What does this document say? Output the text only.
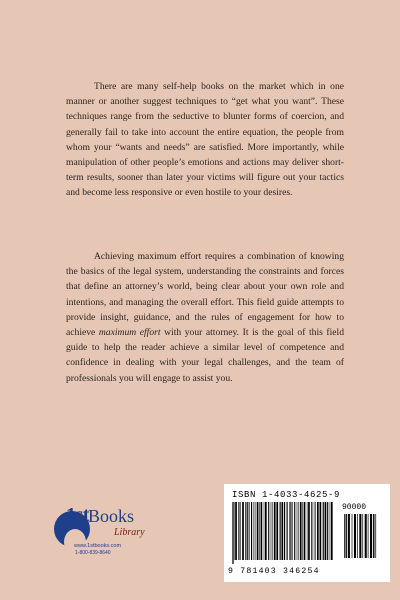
There are many self-help books on the market which in one manner or another suggest techniques to “get what you want”. These techniques range from the seductive to blunter forms of coercion, and generally fail to take into account the entire equation, the people from whom your “wants and needs” are satisfied. More importantly, while manipulation of other people’s emotions and actions may deliver short-term results, sooner than later your victims will figure out your tactics and become less responsive or even hostile to your desires.

Achieving maximum effort requires a combination of knowing the basics of the legal system, understanding the constraints and forces that define an attorney’s world, being clear about your own role and intentions, and managing the overall effort. This field guide attempts to provide insight, guidance, and the rules of engagement for how to achieve maximum effort with your attorney. It is the goal of this field guide to help the reader achieve a similar level of competence and confidence in dealing with your legal challenges, and the team of professionals you will engage to assist you.

1st Books
Library
www.1stbooks.com
1-800-839-8640
ISBN 1-4033-4625-9
90000
9 781403 346254
